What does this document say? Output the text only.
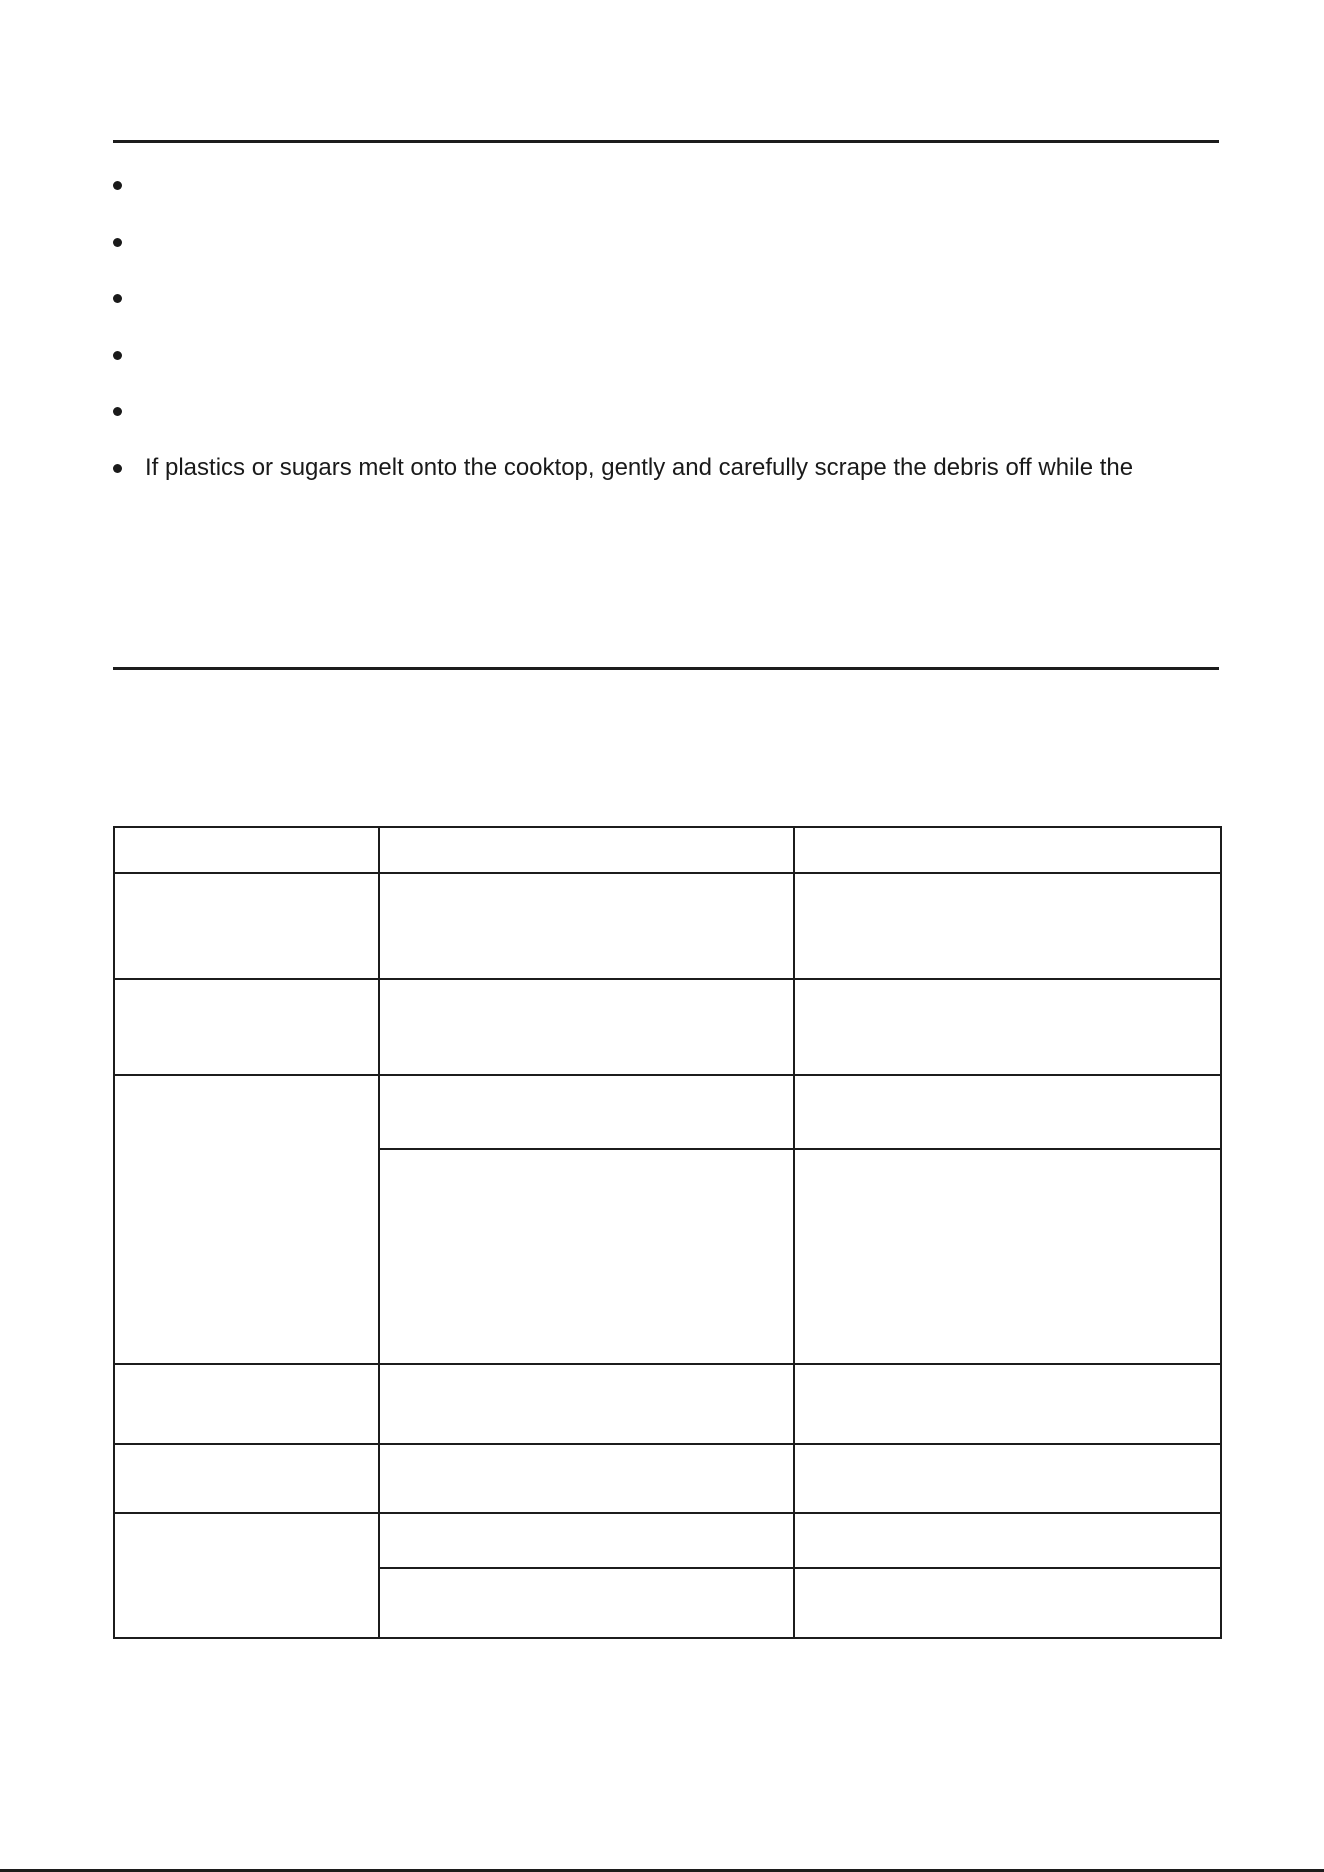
If plastics or sugars melt onto the cooktop, gently and carefully scrape the debris off while the
